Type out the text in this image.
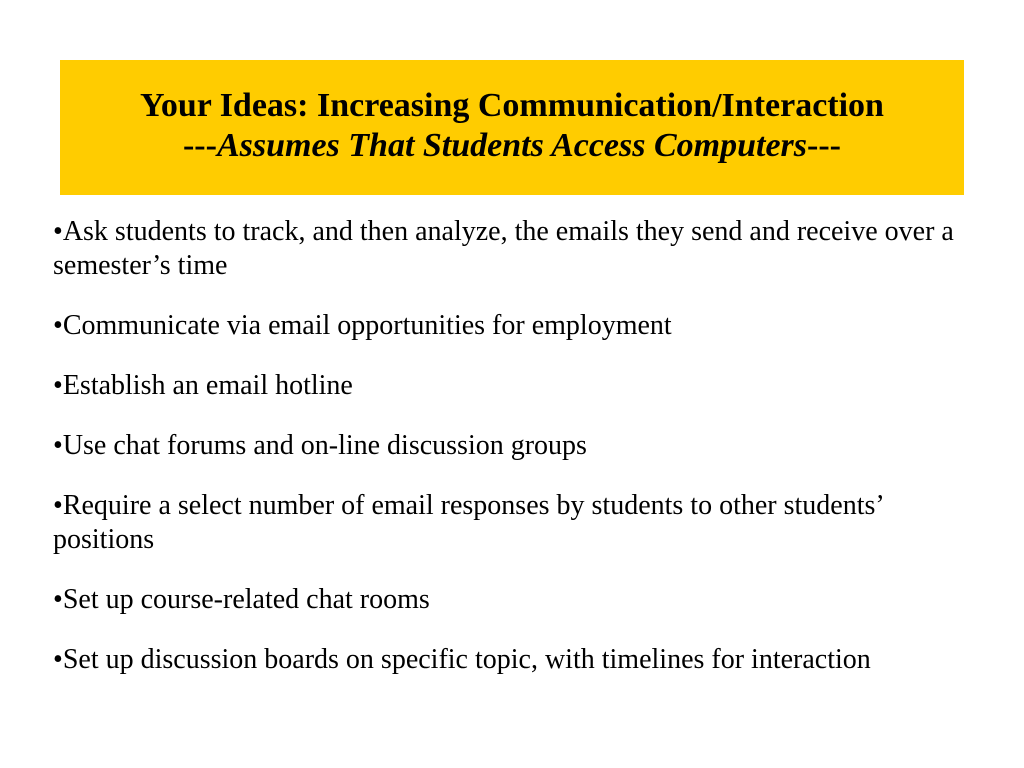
Your Ideas: Increasing Communication/Interaction
---Assumes That Students Access Computers---
•Ask students to track, and then analyze, the emails they send and receive over a semester’s time
•Communicate via email opportunities for employment
•Establish an email hotline
•Use chat forums and on-line discussion groups
•Require a select number of email responses by students to other students’ positions
•Set up course-related chat rooms
•Set up discussion boards on specific topic, with timelines for interaction
